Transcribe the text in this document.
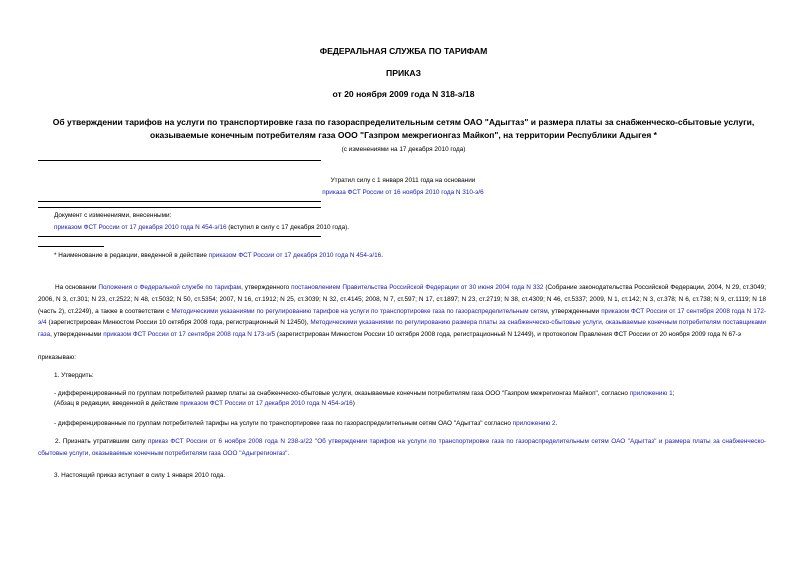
ФЕДЕРАЛЬНАЯ СЛУЖБА ПО ТАРИФАМ
ПРИКАЗ
от 20 ноября 2009 года N 318-э/18
Об утверждении тарифов на услуги по транспортировке газа по газораспределительным сетям ОАО "Адыгтаз" и размера платы за снабженческо-сбытовые услуги,
оказываемые конечным потребителям газа ООО "Газпром межрегионгаз Майкоп", на территории Республики Адыгея *
(с изменениями на 17 декабря 2010 года)
Утратил силу с 1 января 2011 года на основании
приказа ФСТ России от 16 ноября 2010 года N 310-э/6
Документ с изменениями, внесенными:
приказом ФСТ России от 17 декабря 2010 года N 454-э/16 (вступил в силу с 17 декабря 2010 года).
* Наименование в редакции, введенной в действие приказом ФСТ России от 17 декабря 2010 года N 454-э/16.
На основании Положения о Федеральной службе по тарифам, утвержденного постановлением Правительства Российской Федерации от 30 июня 2004 года N 332 (Собрание законодательства Российской Федерации, 2004, N 29, ст.3049; 2006, N 3, ст.301; N 23, ст.2522; N 48, ст.5032; N 50, ст.5354; 2007, N 16, ст.1912; N 25, ст.3039; N 32, ст.4145; 2008, N 7, ст.597; N 17, ст.1897; N 23, ст.2719; N 38, ст.4309; N 46, ст.5337; 2009, N 1, ст.142; N 3, ст.378; N 6, ст.738; N 9, ст.1119; N 18 (часть 2), ст.2249), а также в соответствии с Методическими указаниями по регулированию тарифов на услуги по транспортировке газа по газораспределительным сетям, утвержденными приказом ФСТ России от 17 сентября 2008 года N 172-э/4 (зарегистрирован Минюстом России 10 октября 2008 года, регистрационный N 12450), Методическими указаниями по регулированию размера платы за снабженческо-сбытовые услуги, оказываемые конечным потребителям поставщиками газа, утвержденными приказом ФСТ России от 17 сентября 2008 года N 173-э/5 (зарегистрирован Минюстом России 10 октября 2008 года, регистрационный N 12449), и протоколом Правления ФСТ России от 20 ноября 2009 года N 67-э
приказываю:
1. Утвердить:
- дифференцированный по группам потребителей размер платы за снабженческо-сбытовые услуги, оказываемые конечным потребителям газа ООО "Газпром межрегионгаз Майкоп", согласно приложению 1;
(Абзац в редакции, введенной в действие приказом ФСТ России от 17 декабря 2010 года N 454-э/16)
- дифференцированные по группам потребителей тарифы на услуги по транспортировке газа по газораспределительным сетям ОАО "Адыгтаз" согласно приложению 2.
2. Признать утратившим силу приказ ФСТ России от 6 ноября 2008 года N 238-э/22 "Об утверждении тарифов на услуги по транспортировке газа по газораспределительным сетям ОАО "Адыгтаз" и размера платы за снабженческо-сбытовые услуги, оказываемые конечным потребителям газа ООО "Адыгрегионгаз".
3. Настоящий приказ вступает в силу 1 января 2010 года.
